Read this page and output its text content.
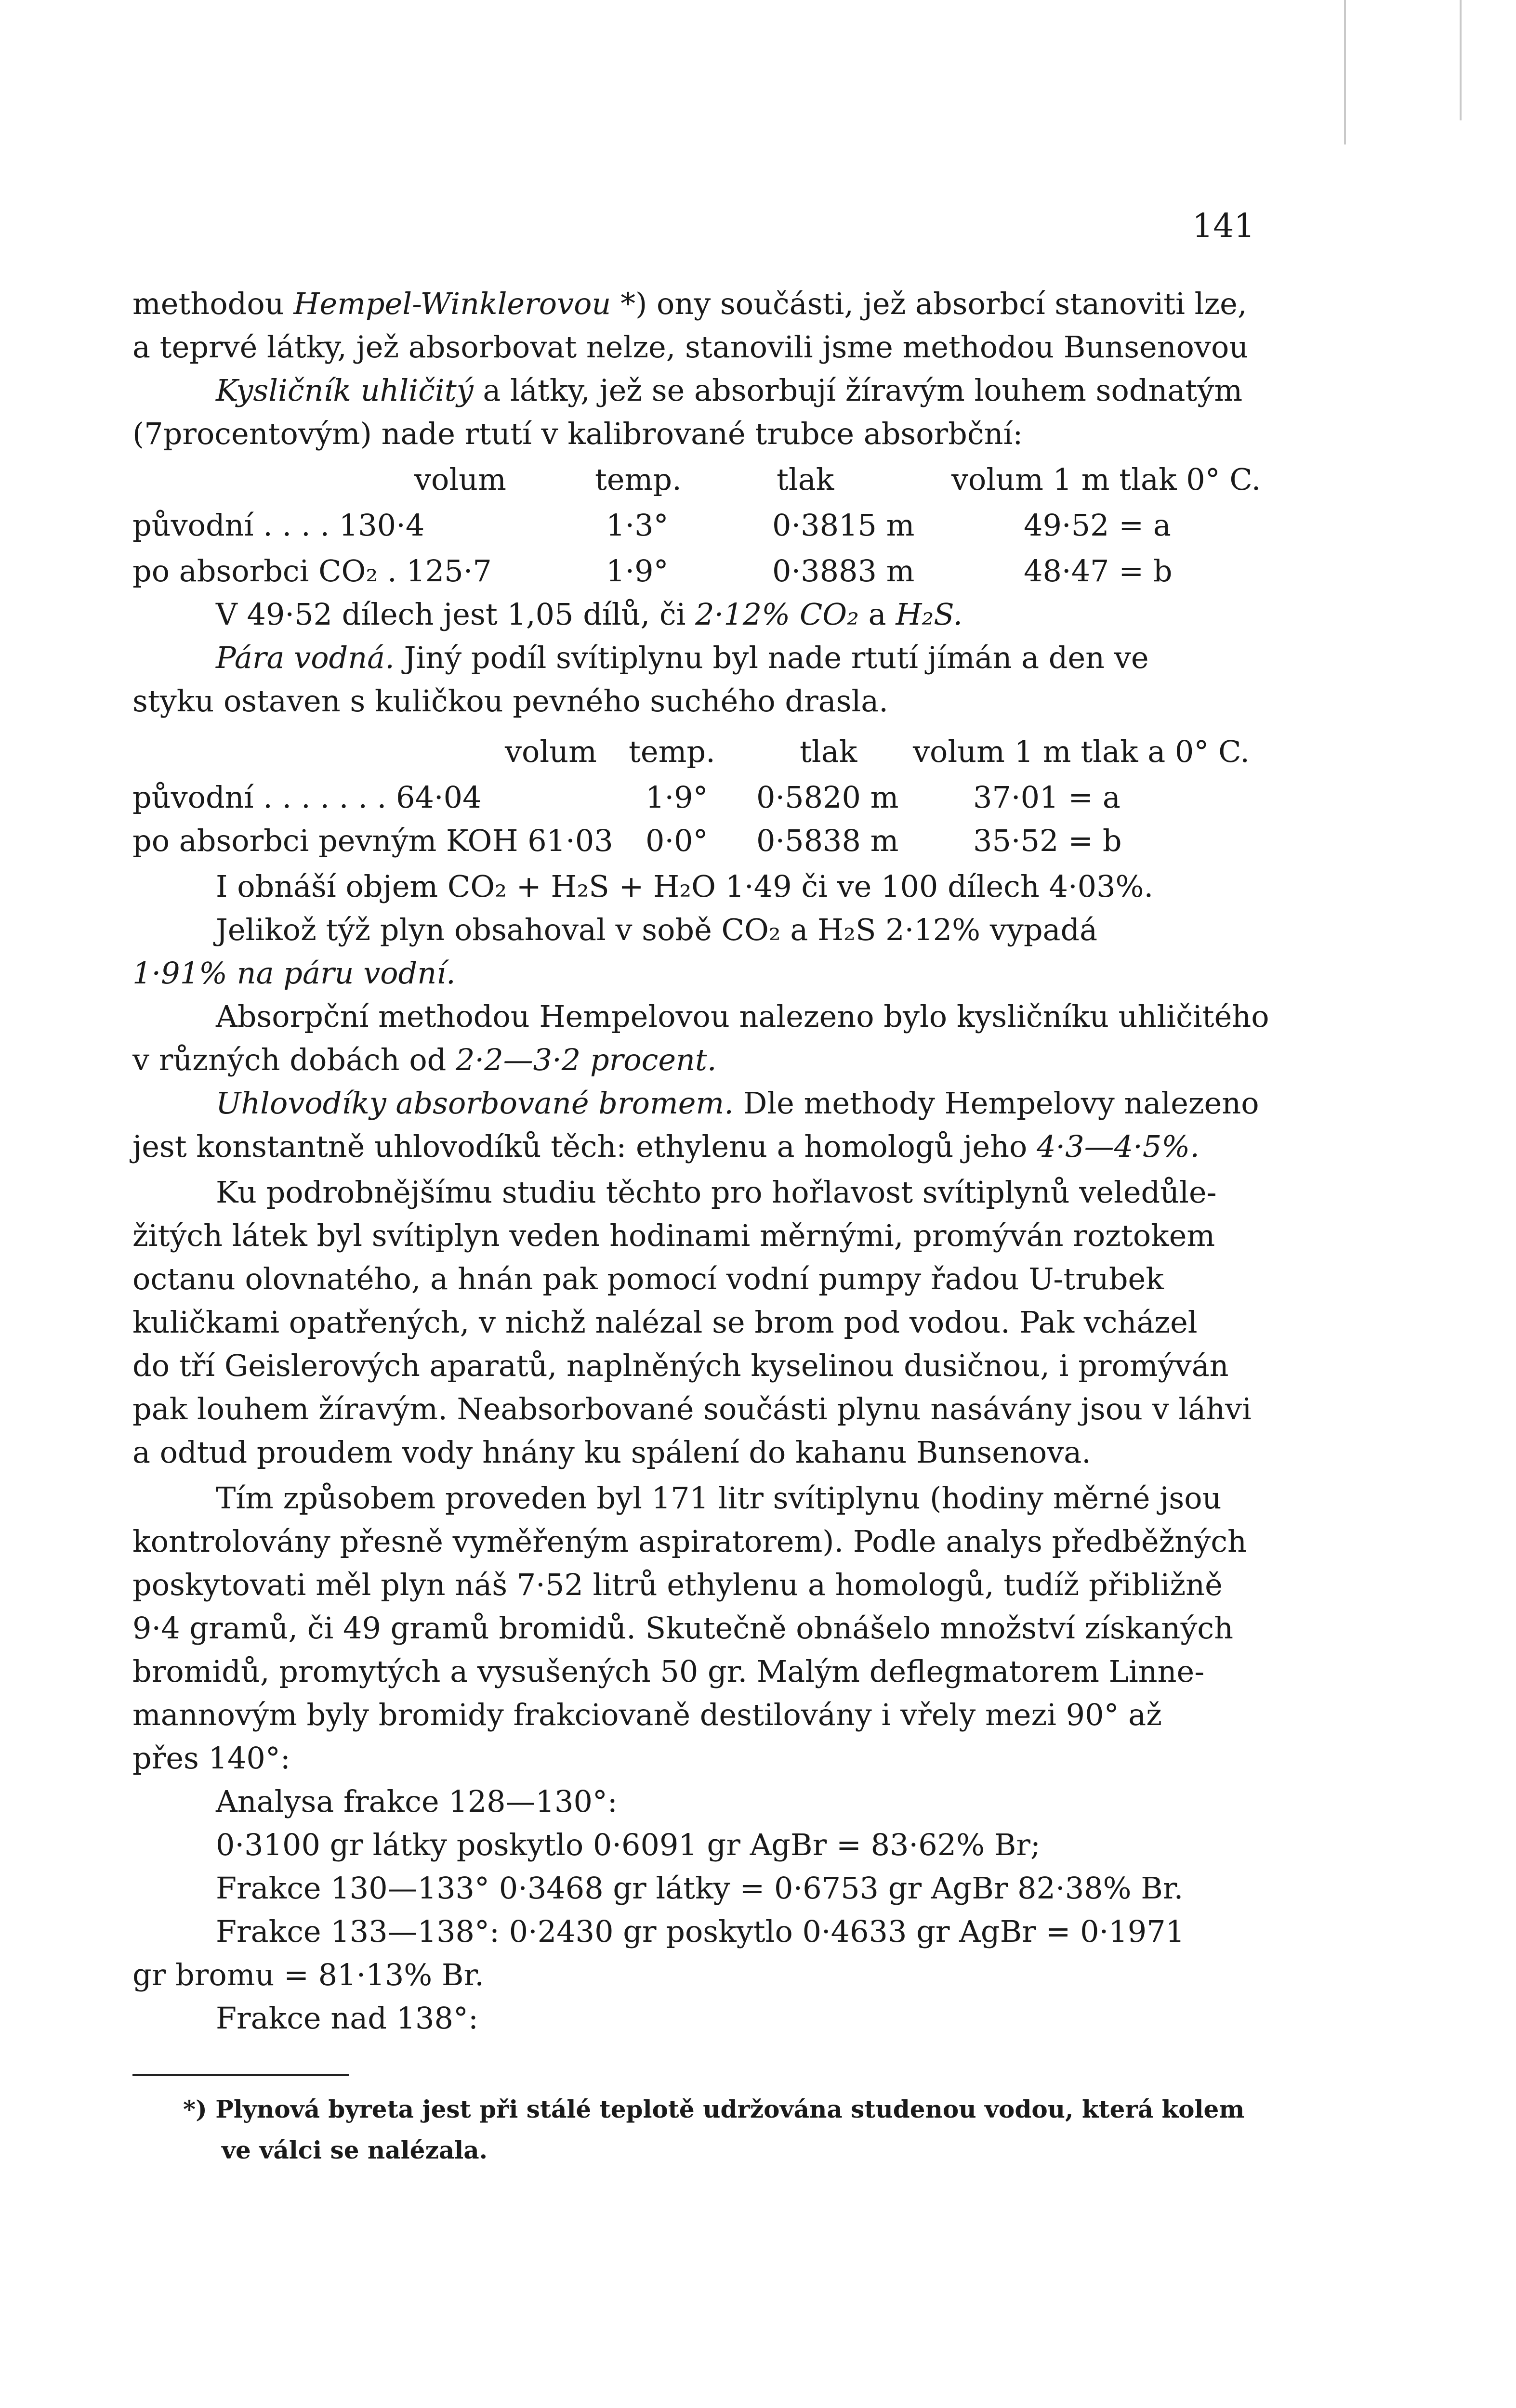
141
methodou Hempel-Winklerovou *) ony součásti, jež absorbcí stanoviti lze,
a teprvé látky, jež absorbovat nelze, stanovili jsme methodou Bunsenovou
Kysličník uhličitý a látky, jež se absorbují žíravým louhem sodnatým
(7procentovým) nade rtutí v kalibrované trubce absorbční:
volum	temp.	tlak	volum 1 m tlak 0° C.
původní . . . . 130·4	1·3°	0·3815 m	49·52 = a
po absorbci CO₂ . 125·7	1·9°	0·3883 m	48·47 = b
V 49·52 dílech jest 1,05 dílů, či 2·12% CO₂ a H₂S.
Pára vodná. Jiný podíl svítiplynu byl nade rtutí jímán a den ve
styku ostaven s kuličkou pevného suchého drasla.
volum temp.	tlak volum 1 m tlak a 0° C.
původní . . . . . . . 64·04	1·9° 0·5820 m 37·01 = a
po absorbci pevným KOH 61·03 0·0° 0·5838 m 35·52 = b
I obnáší objem CO₂ + H₂S + H₂O 1·49 či ve 100 dílech 4·03%.
Jelikož týž plyn obsahoval v sobě CO₂ a H₂S 2·12% vypadá
1·91% na páru vodní.
Absorpční methodou Hempelovou nalezeno bylo kysličníku uhličitého
v různých dobách od 2·2—3·2 procent.
Uhlovodíky absorbované bromem. Dle methody Hempelovy nalezeno
jest konstantně uhlovodíků těch: ethylenu a homologů jeho 4·3—4·5%.
Ku podrobnějšímu studiu těchto pro hořlavost svítiplynů veledůle-
žitých látek byl svítiplyn veden hodinami měrnými, promýván roztokem
octanu olovnatého, a hnán pak pomocí vodní pumpy řadou U-trubek
kuličkami opatřených, v nichž nalézal se brom pod vodou. Pak vcházel
do tří Geislerových aparatů, naplněných kyselinou dusičnou, i promýván
pak louhem žíravým. Neabsorbované součásti plynu nasávány jsou v láhvi
a odtud proudem vody hnány ku spálení do kahanu Bunsenova.
Tím způsobem proveden byl 171 litr svítiplynu (hodiny měrné jsou
kontrolovány přesně vyměřeným aspiratorem). Podle analys předběžných
poskytovati měl plyn náš 7·52 litrů ethylenu a homologů, tudíž přibližně
9·4 gramů, či 49 gramů bromidů. Skutečně obnášelo množství získaných
bromidů, promytých a vysušených 50 gr. Malým deflegmatorem Linne-
mannovým byly bromidy frakciovaně destilovány i vřely mezi 90° až
přes 140°:
Analysa frakce 128—130°:
0·3100 gr látky poskytlo 0·6091 gr AgBr = 83·62% Br;
Frakce 130—133° 0·3468 gr látky = 0·6753 gr AgBr 82·38% Br.
Frakce 133—138°: 0·2430 gr poskytlo 0·4633 gr AgBr = 0·1971
gr bromu = 81·13% Br.
Frakce nad 138°:
*) Plynová byreta jest při stálé teplotě udržována studenou vodou, která kolem
ve válci se nalézala.
